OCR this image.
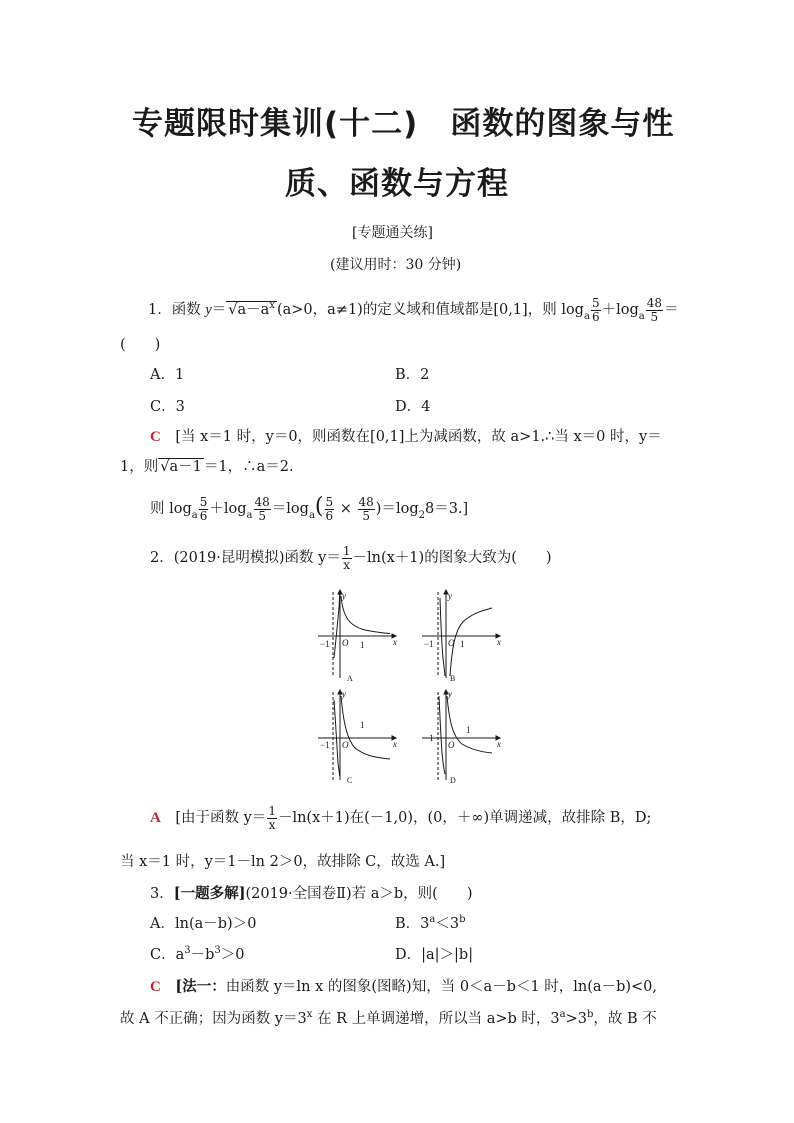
专题限时集训(十二)　函数的图象与性
质、函数与方程
[专题通关练]
(建议用时：30 分钟)
1．函数 $y= √a-a^x$ (a>0，a≠1)的定义域和值域都是[0,1]，则 $\log_a \frac{5}{6} +\log_a \frac{48}{5}$ ＝
(　　)
A．1	B．2
C．3	D．4
C　 [当 x＝1 时，y＝0，则函数在[0,1]上为减函数，故 a>1.∴当 x＝0 时，y＝
1，则 √a－1 ＝1，∴a＝2.
则 $\log_a \frac{5}{6} +\log_a \frac{48}{5} =\log_a( \frac{5}{6} \times \frac{48}{5} )=\log_28=3$.]
2．(2019·昆明模拟)函数 $y= \frac{1}{x} -\ln(x+1)$的图象大致为(　　)
y
x
O
−1	1
A
y
x
O
−1	1
B
y
x
O
−1
1
C
y
x
O
−1
1
D
A　 [由于函数 $y= \frac{1}{x} -\ln(x+1)$在(－1,0)，(0，＋∞)单调递减，故排除 B，D;
当 x＝1 时，y＝1－ln 2＞0，故排除 C，故选 A.]
3．[一题多解](2019·全国卷Ⅱ)若 a＞b，则(　　)
A．ln(a－b)＞0	B．$3^a<3^b$
C．$a^3-b^3>0$	D．|a|＞|b|
C　 [法一：由函数 y＝ln x 的图象(图略)知，当 0＜a－b＜1 时，ln(a－b)<0,
故 A 不正确；因为函数 $y=3^x$ 在 R 上单调递增，所以当 a>b 时，$3^a>3^b$，故 B 不
